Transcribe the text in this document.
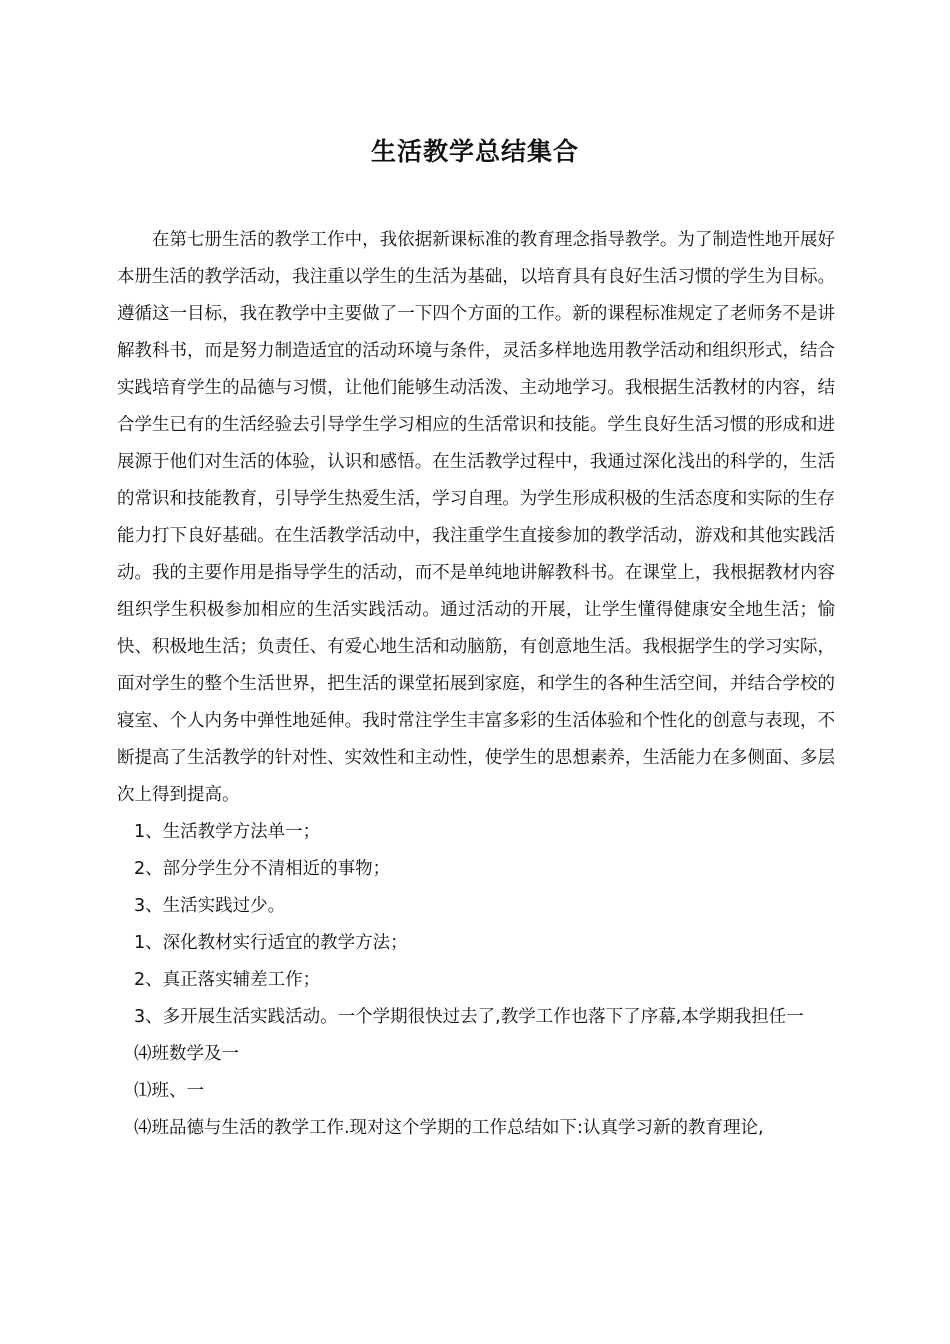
生活教学总结集合

在第七册生活的教学工作中，我依据新课标准的教育理念指导教学。为了制造性地开展好本册生活的教学活动，我注重以学生的生活为基础，以培育具有良好生活习惯的学生为目标。遵循这一目标，我在教学中主要做了一下四个方面的工作。新的课程标准规定了老师务不是讲解教科书，而是努力制造适宜的活动环境与条件，灵活多样地选用教学活动和组织形式，结合实践培育学生的品德与习惯，让他们能够生动活泼、主动地学习。我根据生活教材的内容，结合学生已有的生活经验去引导学生学习相应的生活常识和技能。学生良好生活习惯的形成和进展源于他们对生活的体验，认识和感悟。在生活教学过程中，我通过深化浅出的科学的，生活的常识和技能教育，引导学生热爱生活，学习自理。为学生形成积极的生活态度和实际的生存能力打下良好基础。在生活教学活动中，我注重学生直接参加的教学活动，游戏和其他实践活动。我的主要作用是指导学生的活动，而不是单纯地讲解教科书。在课堂上，我根据教材内容组织学生积极参加相应的生活实践活动。通过活动的开展，让学生懂得健康安全地生活；愉快、积极地生活；负责任、有爱心地生活和动脑筋，有创意地生活。我根据学生的学习实际，面对学生的整个生活世界，把生活的课堂拓展到家庭，和学生的各种生活空间，并结合学校的寝室、个人内务中弹性地延伸。我时常注学生丰富多彩的生活体验和个性化的创意与表现，不断提高了生活教学的针对性、实效性和主动性，使学生的思想素养，生活能力在多侧面、多层次上得到提高。

1、生活教学方法单一；

2、部分学生分不清相近的事物；

3、生活实践过少。

1、深化教材实行适宜的教学方法；

2、真正落实辅差工作；

3、多开展生活实践活动。一个学期很快过去了,教学工作也落下了序幕,本学期我担任一

⑷班数学及一

⑴班、一

⑷班品德与生活的教学工作.现对这个学期的工作总结如下:认真学习新的教育理论,
